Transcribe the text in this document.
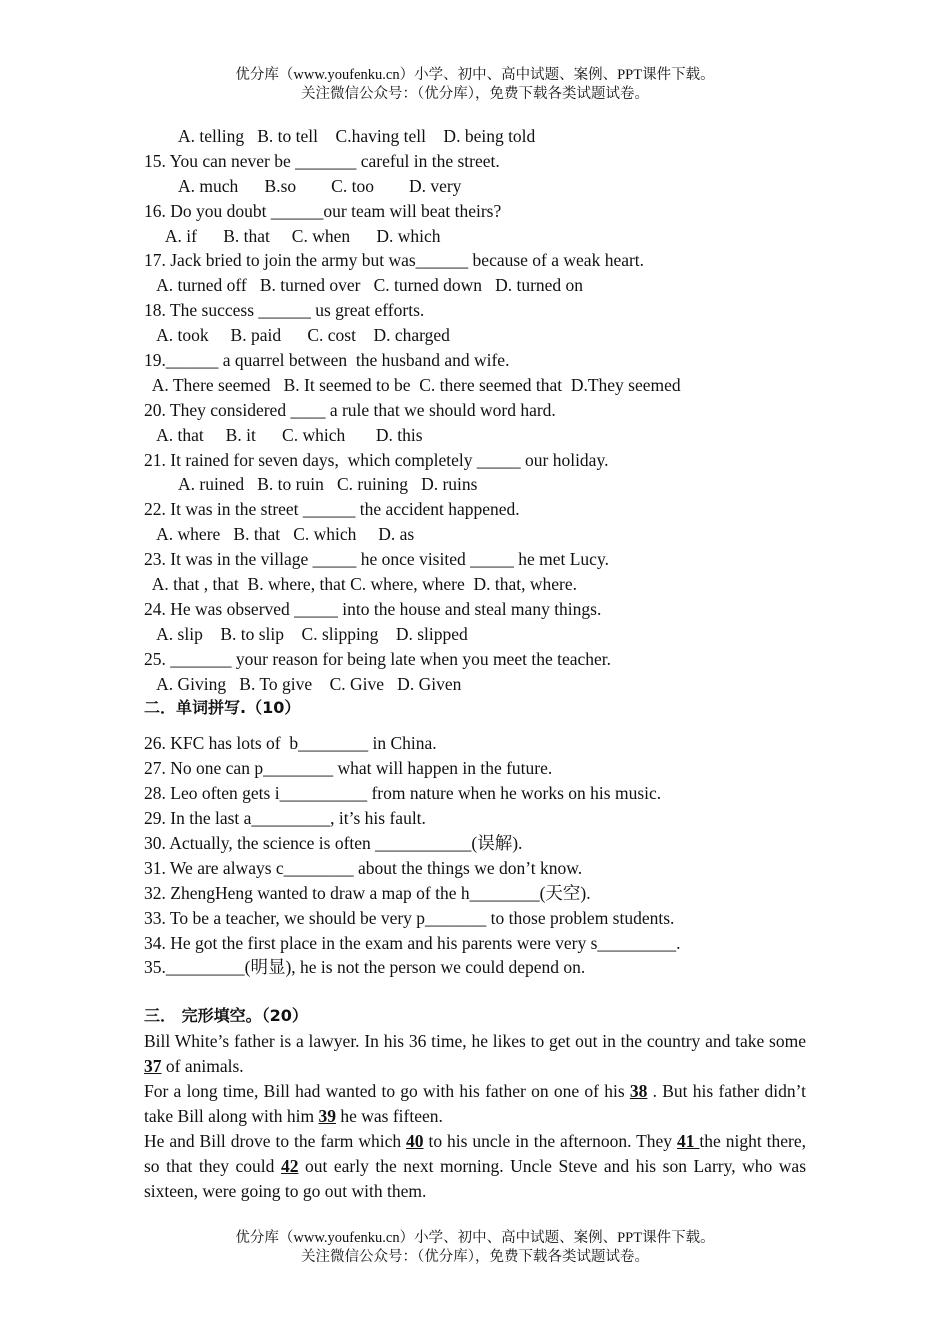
优分库（www.youfenku.cn）小学、初中、高中试题、案例、PPT课件下载。
关注微信公众号：（优分库），免费下载各类试题试卷。
A. telling   B. to tell    C.having tell    D. being told
15. You can never be _______ careful in the street.
A. much      B.so        C. too        D. very
16. Do you doubt ______our team will beat theirs?
A. if      B. that     C. when      D. which
17. Jack bried to join the army but was______ because of a weak heart.
A. turned off   B. turned over   C. turned down   D. turned on
18. The success ______ us great efforts.
A. took     B. paid      C. cost    D. charged
19.______ a quarrel between  the husband and wife.
A. There seemed   B. It seemed to be  C. there seemed that  D.They seemed
20. They considered ____ a rule that we should word hard.
A. that     B. it      C. which       D. this
21. It rained for seven days,  which completely _____ our holiday.
A. ruined   B. to ruin   C. ruining   D. ruins
22. It was in the street ______ the accident happened.
A. where   B. that   C. which     D. as
23. It was in the village _____ he once visited _____ he met Lucy.
A. that , that  B. where, that C. where, where  D. that, where.
24. He was observed _____ into the house and steal many things.
A. slip    B. to slip    C. slipping    D. slipped
25. _______ your reason for being late when you meet the teacher.
A. Giving   B. To give    C. Give   D. Given
二．单词拼写.（10）
26. KFC has lots of  b________ in China.
27. No one can p________ what will happen in the future.
28. Leo often gets i__________ from nature when he works on his music.
29. In the last a_________, it’s his fault.
30. Actually, the science is often ___________(误解).
31. We are always c________ about the things we don’t know.
32. ZhengHeng wanted to draw a map of the h________(天空).
33. To be a teacher, we should be very p_______ to those problem students.
34. He got the first place in the exam and his parents were very s_________.
35._________(明显), he is not the person we could depend on.
三． 完形填空。（20）
Bill White’s father is a lawyer. In his 36 time, he likes to get out in the country and take some 37 of animals.
For a long time, Bill had wanted to go with his father on one of his 38 . But his father didn’t take Bill along with him 39 he was fifteen.
He and Bill drove to the farm which 40 to his uncle in the afternoon. They 41 the night there, so that they could 42 out early the next morning. Uncle Steve and his son Larry, who was sixteen, were going to go out with them.
优分库（www.youfenku.cn）小学、初中、高中试题、案例、PPT课件下载。
关注微信公众号：（优分库），免费下载各类试题试卷。
